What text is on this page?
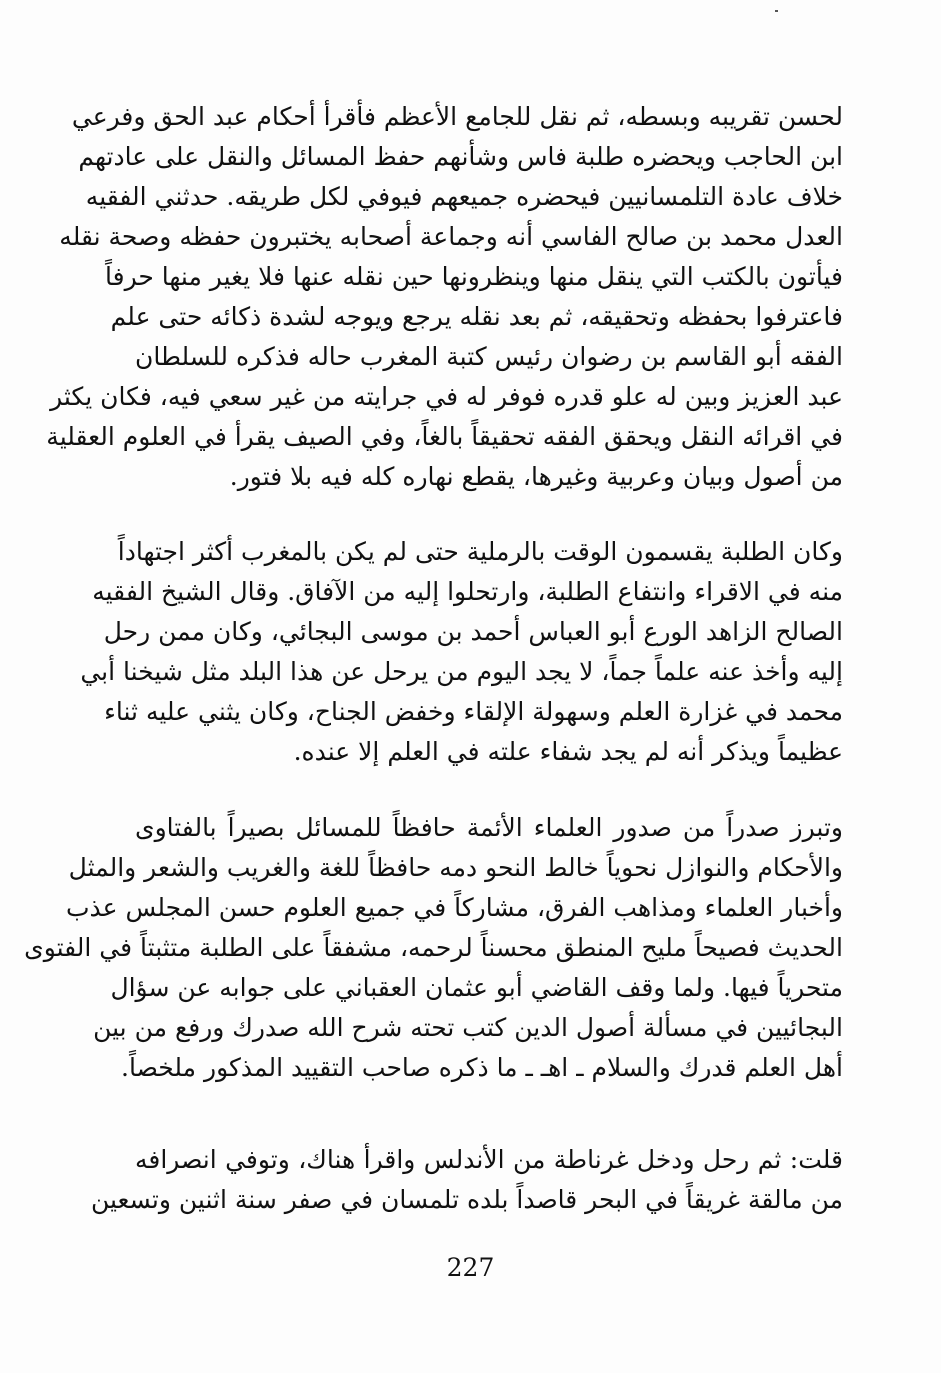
لحسن تقريبه وبسطه، ثم نقل للجامع الأعظم فأقرأ أحكام عبد الحق وفرعي
ابن الحاجب ويحضره طلبة فاس وشأنهم حفظ المسائل والنقل على عادتهم
خلاف عادة التلمسانيين فيحضره جميعهم فيوفي لكل طريقه. حدثني الفقيه
العدل محمد بن صالح الفاسي أنه وجماعة أصحابه يختبرون حفظه وصحة نقله
فيأتون بالكتب التي ينقل منها وينظرونها حين نقله عنها فلا يغير منها حرفاً
فاعترفوا بحفظه وتحقيقه، ثم بعد نقله يرجع ويوجه لشدة ذكائه حتى علم
الفقه أبو القاسم بن رضوان رئيس كتبة المغرب حاله فذكره للسلطان
عبد العزيز وبين له علو قدره فوفر له في جرايته من غير سعي فيه، فكان يكثر
في اقرائه النقل ويحقق الفقه تحقيقاً بالغاً، وفي الصيف يقرأ في العلوم العقلية
من أصول وبيان وعربية وغيرها، يقطع نهاره كله فيه بلا فتور.
وكان الطلبة يقسمون الوقت بالرملية حتى لم يكن بالمغرب أكثر اجتهاداً
منه في الاقراء وانتفاع الطلبة، وارتحلوا إليه من الآفاق. وقال الشيخ الفقيه
الصالح الزاهد الورع أبو العباس أحمد بن موسى البجائي، وكان ممن رحل
إليه وأخذ عنه علماً جماً، لا يجد اليوم من يرحل عن هذا البلد مثل شيخنا أبي
محمد في غزارة العلم وسهولة الإلقاء وخفض الجناح، وكان يثني عليه ثناء
عظيماً ويذكر أنه لم يجد شفاء علته في العلم إلا عنده.
وتبرز صدراً من صدور العلماء الأئمة حافظاً للمسائل بصيراً بالفتاوى
والأحكام والنوازل نحوياً خالط النحو دمه حافظاً للغة والغريب والشعر والمثل
وأخبار العلماء ومذاهب الفرق، مشاركاً في جميع العلوم حسن المجلس عذب
الحديث فصيحاً مليح المنطق محسناً لرحمه، مشفقاً على الطلبة متثبتاً في الفتوى
متحرياً فيها. ولما وقف القاضي أبو عثمان العقباني على جوابه عن سؤال
البجائيين في مسألة أصول الدين كتب تحته شرح الله صدرك ورفع من بين
أهل العلم قدرك والسلام ـ اهـ ـ ما ذكره صاحب التقييد المذكور ملخصاً.
قلت: ثم رحل ودخل غرناطة من الأندلس واقرأ هناك، وتوفي انصرافه
من مالقة غريقاً في البحر قاصداً بلده تلمسان في صفر سنة اثنين وتسعين
227
